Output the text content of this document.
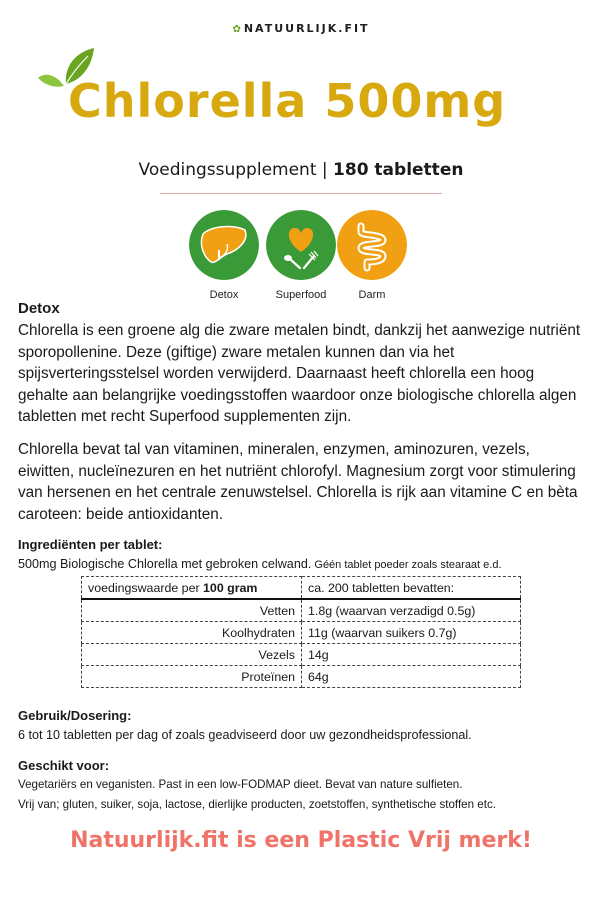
✿NATUURLIJK.FIT
Chlorella 500mg
Voedingssupplement | 180 tabletten
Detox	Superfood	Darm
Detox
Chlorella is een groene alg die zware metalen bindt, dankzij het aanwezige nutriënt sporopollenine. Deze (giftige) zware metalen kunnen dan via het spijsverteringsstelsel worden verwijderd. Daarnaast heeft chlorella een hoog gehalte aan belangrijke voedingsstoffen waardoor onze biologische chlorella algen tabletten met recht Superfood supplementen zijn.
Chlorella bevat tal van vitaminen, mineralen, enzymen, aminozuren, vezels, eiwitten, nucleïnezuren en het nutriënt chlorofyl. Magnesium zorgt voor stimulering van hersenen en het centrale zenuwstelsel. Chlorella is rijk aan vitamine C en bèta caroteen: beide antioxidanten.
Ingrediënten per tablet:
500mg Biologische Chlorella met gebroken celwand. Géén tablet poeder zoals stearaat e.d.
voedingswaarde per 100 gram	ca. 200 tabletten bevatten:
Vetten	1.8g (waarvan verzadigd 0.5g)
Koolhydraten	11g (waarvan suikers 0.7g)
Vezels	14g
Proteïnen	64g
Gebruik/Dosering:
6 tot 10 tabletten per dag of zoals geadviseerd door uw gezondheidsprofessional.
Geschikt voor:
Vegetariërs en veganisten. Past in een low-FODMAP dieet. Bevat van nature sulfieten.
Vrij van; gluten, suiker, soja, lactose, dierlijke producten, zoetstoffen, synthetische stoffen etc.
Natuurlijk.fit is een Plastic Vrij merk!
